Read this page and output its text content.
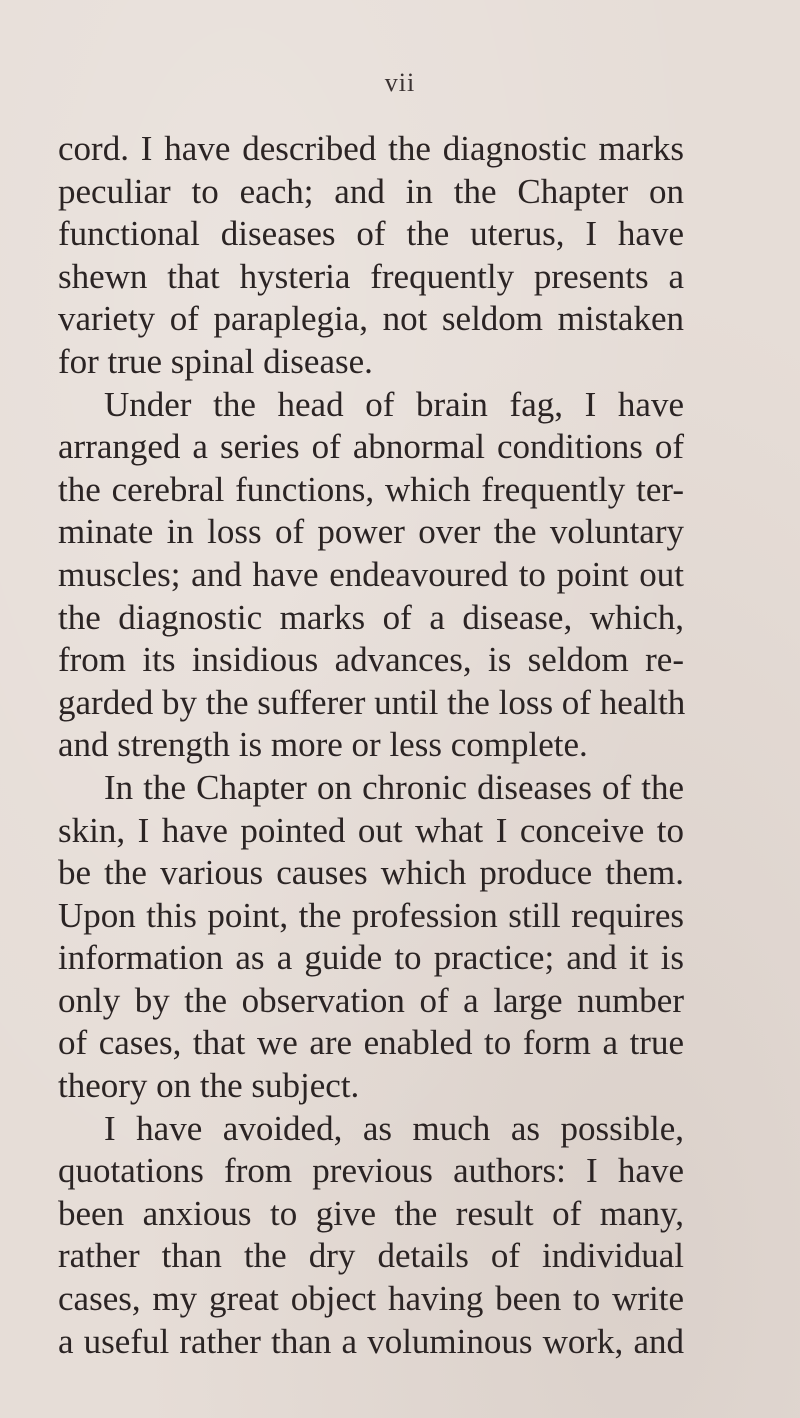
vii
cord. I have described the diagnostic marks
peculiar to each; and in the Chapter on
functional diseases of the uterus, I have
shewn that hysteria frequently presents a
variety of paraplegia, not seldom mistaken
for true spinal disease.
Under the head of brain fag, I have
arranged a series of abnormal conditions of
the cerebral functions, which frequently ter-
minate in loss of power over the voluntary
muscles; and have endeavoured to point out
the diagnostic marks of a disease, which,
from its insidious advances, is seldom re-
garded by the sufferer until the loss of health
and strength is more or less complete.
In the Chapter on chronic diseases of the
skin, I have pointed out what I conceive to
be the various causes which produce them.
Upon this point, the profession still requires
information as a guide to practice; and it is
only by the observation of a large number
of cases, that we are enabled to form a true
theory on the subject.
I have avoided, as much as possible,
quotations from previous authors: I have
been anxious to give the result of many,
rather than the dry details of individual
cases, my great object having been to write
a useful rather than a voluminous work, and
